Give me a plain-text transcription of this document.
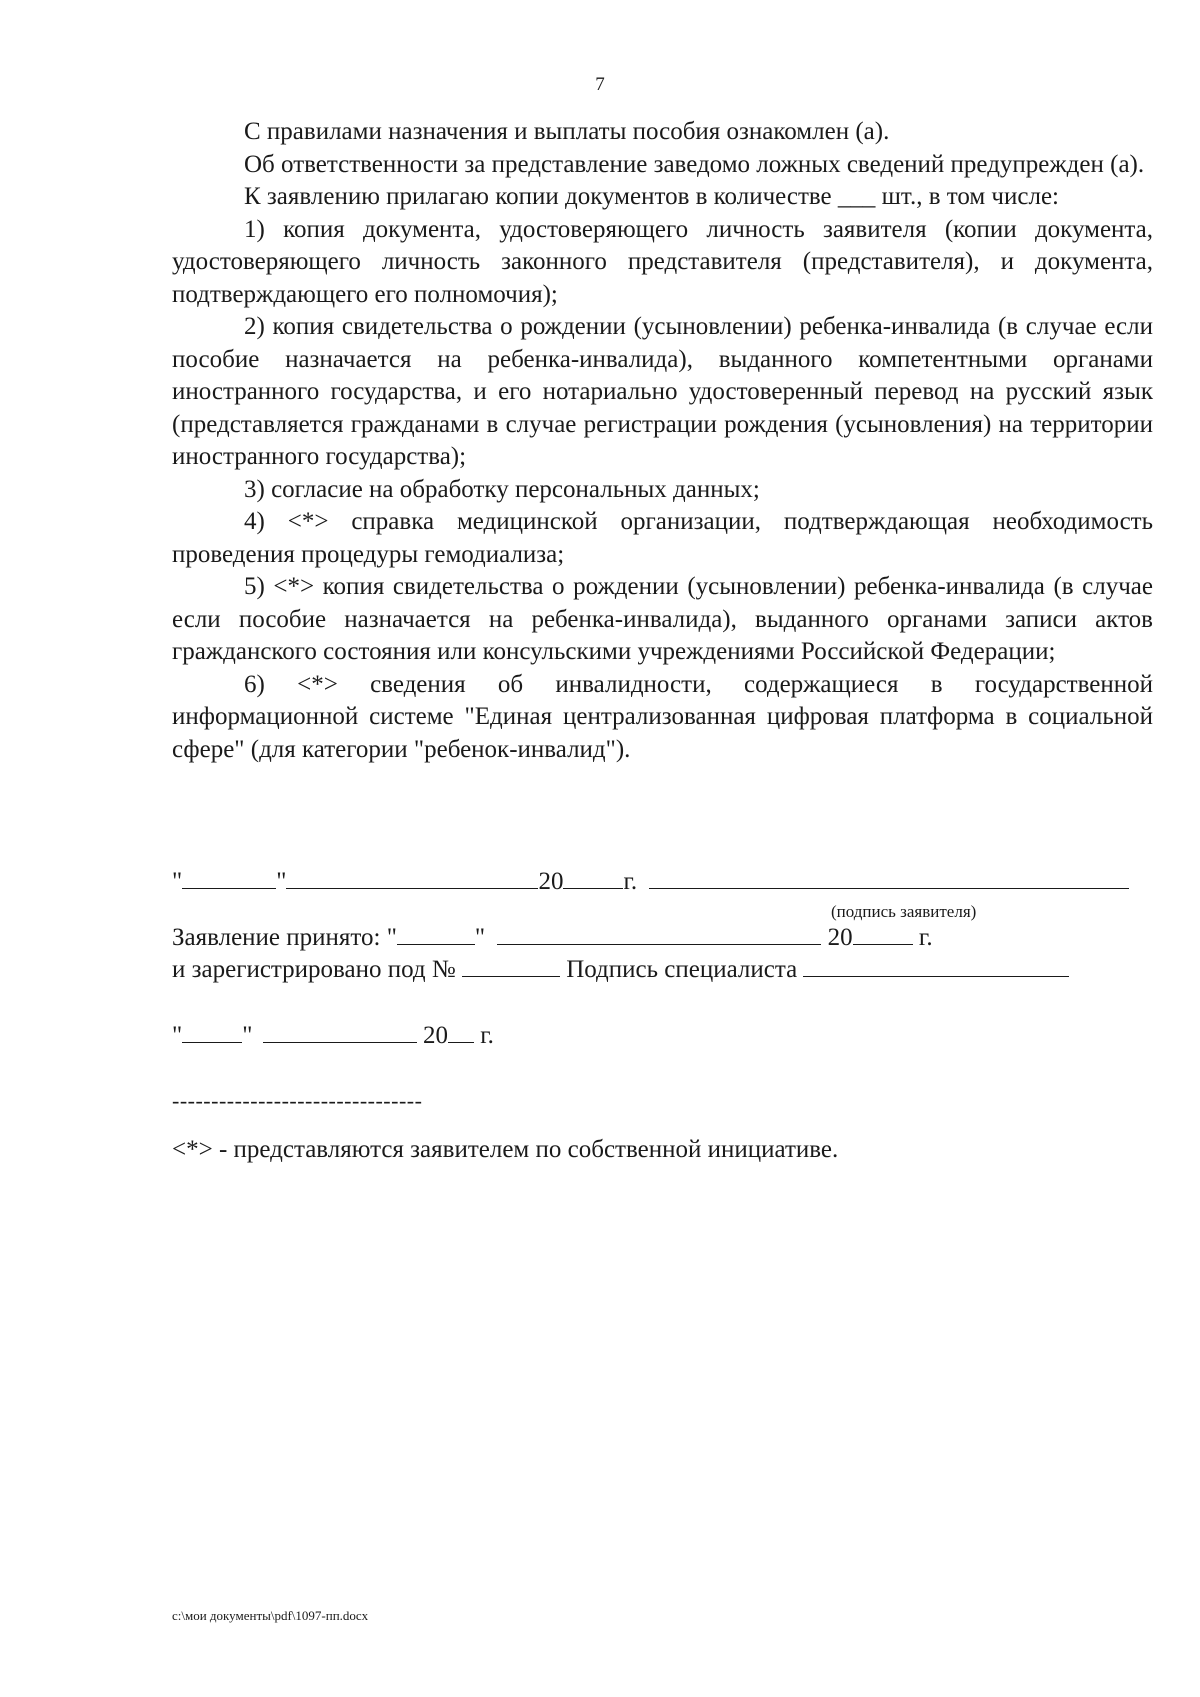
7

С правилами назначения и выплаты пособия ознакомлен (а).

Об ответственности за представление заведомо ложных сведений предупрежден (а).

К заявлению прилагаю копии документов в количестве ___ шт., в том числе:

1) копия документа, удостоверяющего личность заявителя (копии документа, удостоверяющего личность законного представителя (представителя), и документа, подтверждающего его полномочия);

2) копия свидетельства о рождении (усыновлении) ребенка-инвалида (в случае если пособие назначается на ребенка-инвалида), выданного компетентными органами иностранного государства, и его нотариально удостоверенный перевод на русский язык (представляется гражданами в случае регистрации рождения (усыновления) на территории иностранного государства);

3) согласие на обработку персональных данных;

4) <*> справка медицинской организации, подтверждающая необходимость проведения процедуры гемодиализа;

5) <*> копия свидетельства о рождении (усыновлении) ребенка-инвалида (в случае если пособие назначается на ребенка-инвалида), выданного органами записи актов гражданского состояния или консульскими учреждениями Российской Федерации;

6) <*> сведения об инвалидности, содержащиеся в государственной информационной системе "Единая централизованная цифровая платформа в социальной сфере" (для категории "ребенок-инвалид").

"	"	20 г.
(подпись заявителя)
Заявление принято: "	"	20	г.
и зарегистрировано под №	Подпись специалиста
" "	20 г.
--------------------------------
<*> - представляются заявителем по собственной инициативе.
c:\мои документы\pdf\1097-пп.docx
